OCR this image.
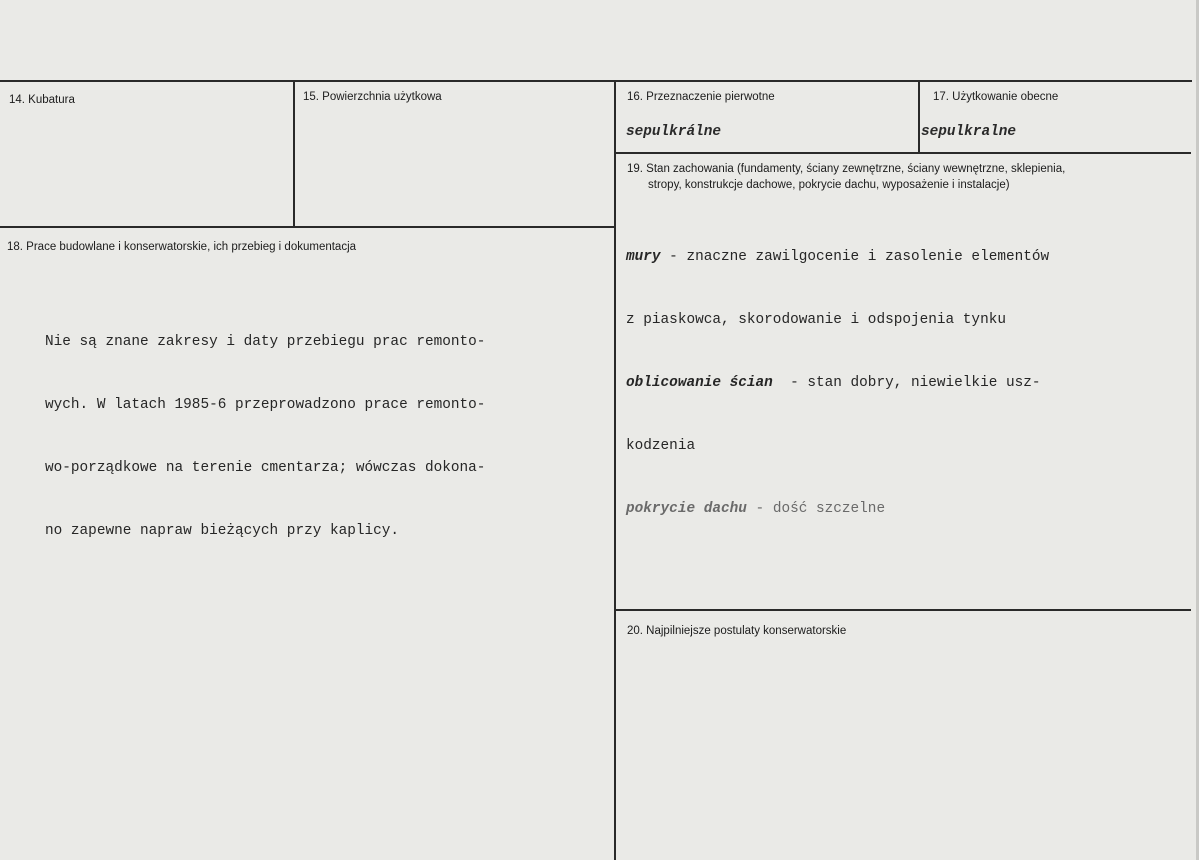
14. Kubatura	15. Powierzchnia użytkowa	16. Przeznaczenie pierwotne
sepulkrálne
17. Użytkowanie obecne
sepulkralne
18. Prace budowlane i konserwatorskie, ich przebieg i dokumentacja

Nie są znane zakresy i daty przebiegu prac remonto-

wych. W latach 1985-6 przeprowadzono prace remonto-

wo-porządkowe na terenie cmentarza; wówczas dokona-

no zapewne napraw bieżących przy kaplicy.

19. Stan zachowania (fundamenty, ściany zewnętrzne, ściany wewnętrzne, sklepienia,
stropy, konstrukcje dachowe, pokrycie dachu, wyposażenie i instalacje)

mury - znaczne zawilgocenie i zasolenie elementów

z piaskowca, skorodowanie i odspojenia tynku

oblicowanie ścian  - stan dobry, niewielkie usz-

kodzenia

pokrycie dachu - dość szczelne

20. Najpilniejsze postulaty konserwatorskie
